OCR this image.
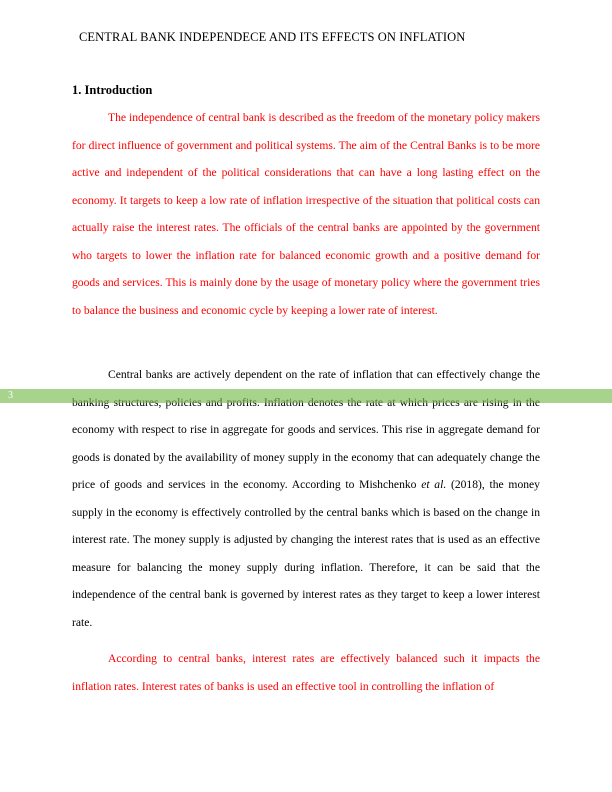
CENTRAL BANK INDEPENDECE AND ITS EFFECTS ON INFLATION
1. Introduction

The independence of central bank is described as the freedom of the monetary policy makers for direct influence of government and political systems. The aim of the Central Banks is to be more active and independent of the political considerations that can have a long lasting effect on the economy. It targets to keep a low rate of inflation irrespective of the situation that political costs can actually raise the interest rates. The officials of the central banks are appointed by the government who targets to lower the inflation rate for balanced economic growth and a positive demand for goods and services. This is mainly done by the usage of monetary policy where the government tries to balance the business and economic cycle by keeping a lower rate of interest.

Central banks are actively dependent on the rate of inflation that can effectively change the economy with respect to rise in aggregate for goods and services. This rise in aggregate demand for goods is donated by the availability of money supply in the economy that can adequately change the price of goods and services in the economy. According to Mishchenko et al. (2018), the money supply in the economy is effectively controlled by the central banks which is based on the change in interest rate. The money supply is adjusted by changing the interest rates that is used as an effective measure for balancing the money supply during inflation. Therefore, it can be said that the independence of the central bank is governed by interest rates as they target to keep a lower interest rate.

According to central banks, interest rates are effectively balanced such it impacts the inflation rates. Interest rates of banks is used an effective tool in controlling the inflation of

3
